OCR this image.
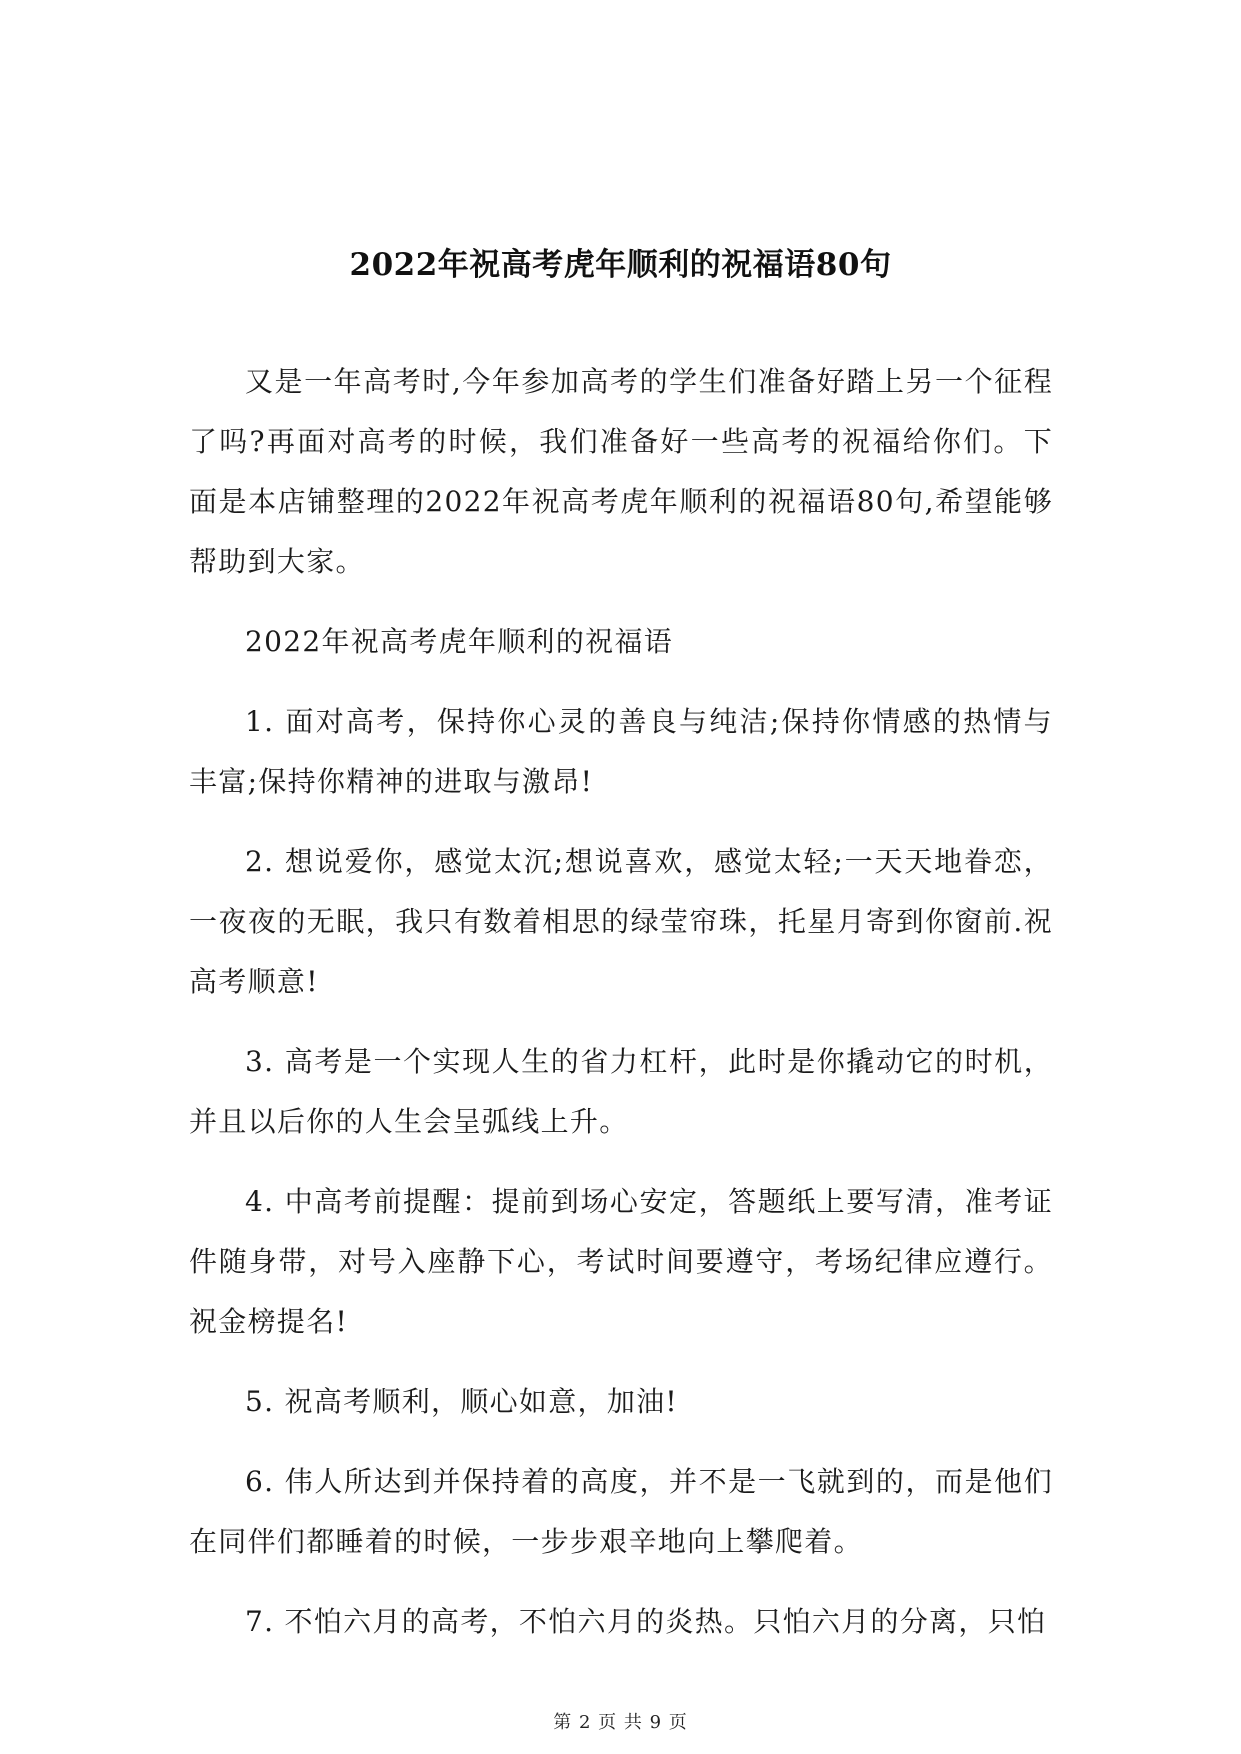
2022年祝高考虎年顺利的祝福语80句

又是一年高考时,今年参加高考的学生们准备好踏上另一个征程了吗?再面对高考的时候，我们准备好一些高考的祝福给你们。下面是本店铺整理的2022年祝高考虎年顺利的祝福语80句,希望能够帮助到大家。

2022年祝高考虎年顺利的祝福语

1. 面对高考，保持你心灵的善良与纯洁;保持你情感的热情与丰富;保持你精神的进取与激昂!

2. 想说爱你，感觉太沉;想说喜欢，感觉太轻;一天天地眷恋，一夜夜的无眠，我只有数着相思的绿莹帘珠，托星月寄到你窗前.祝高考顺意!

3. 高考是一个实现人生的省力杠杆，此时是你撬动它的时机，并且以后你的人生会呈弧线上升。

4. 中高考前提醒：提前到场心安定，答题纸上要写清，准考证件随身带，对号入座静下心，考试时间要遵守，考场纪律应遵行。祝金榜提名!

5. 祝高考顺利，顺心如意，加油!

6. 伟人所达到并保持着的高度，并不是一飞就到的，而是他们在同伴们都睡着的时候，一步步艰辛地向上攀爬着。

7. 不怕六月的高考，不怕六月的炎热。只怕六月的分离，只怕

第 2 页 共 9 页
